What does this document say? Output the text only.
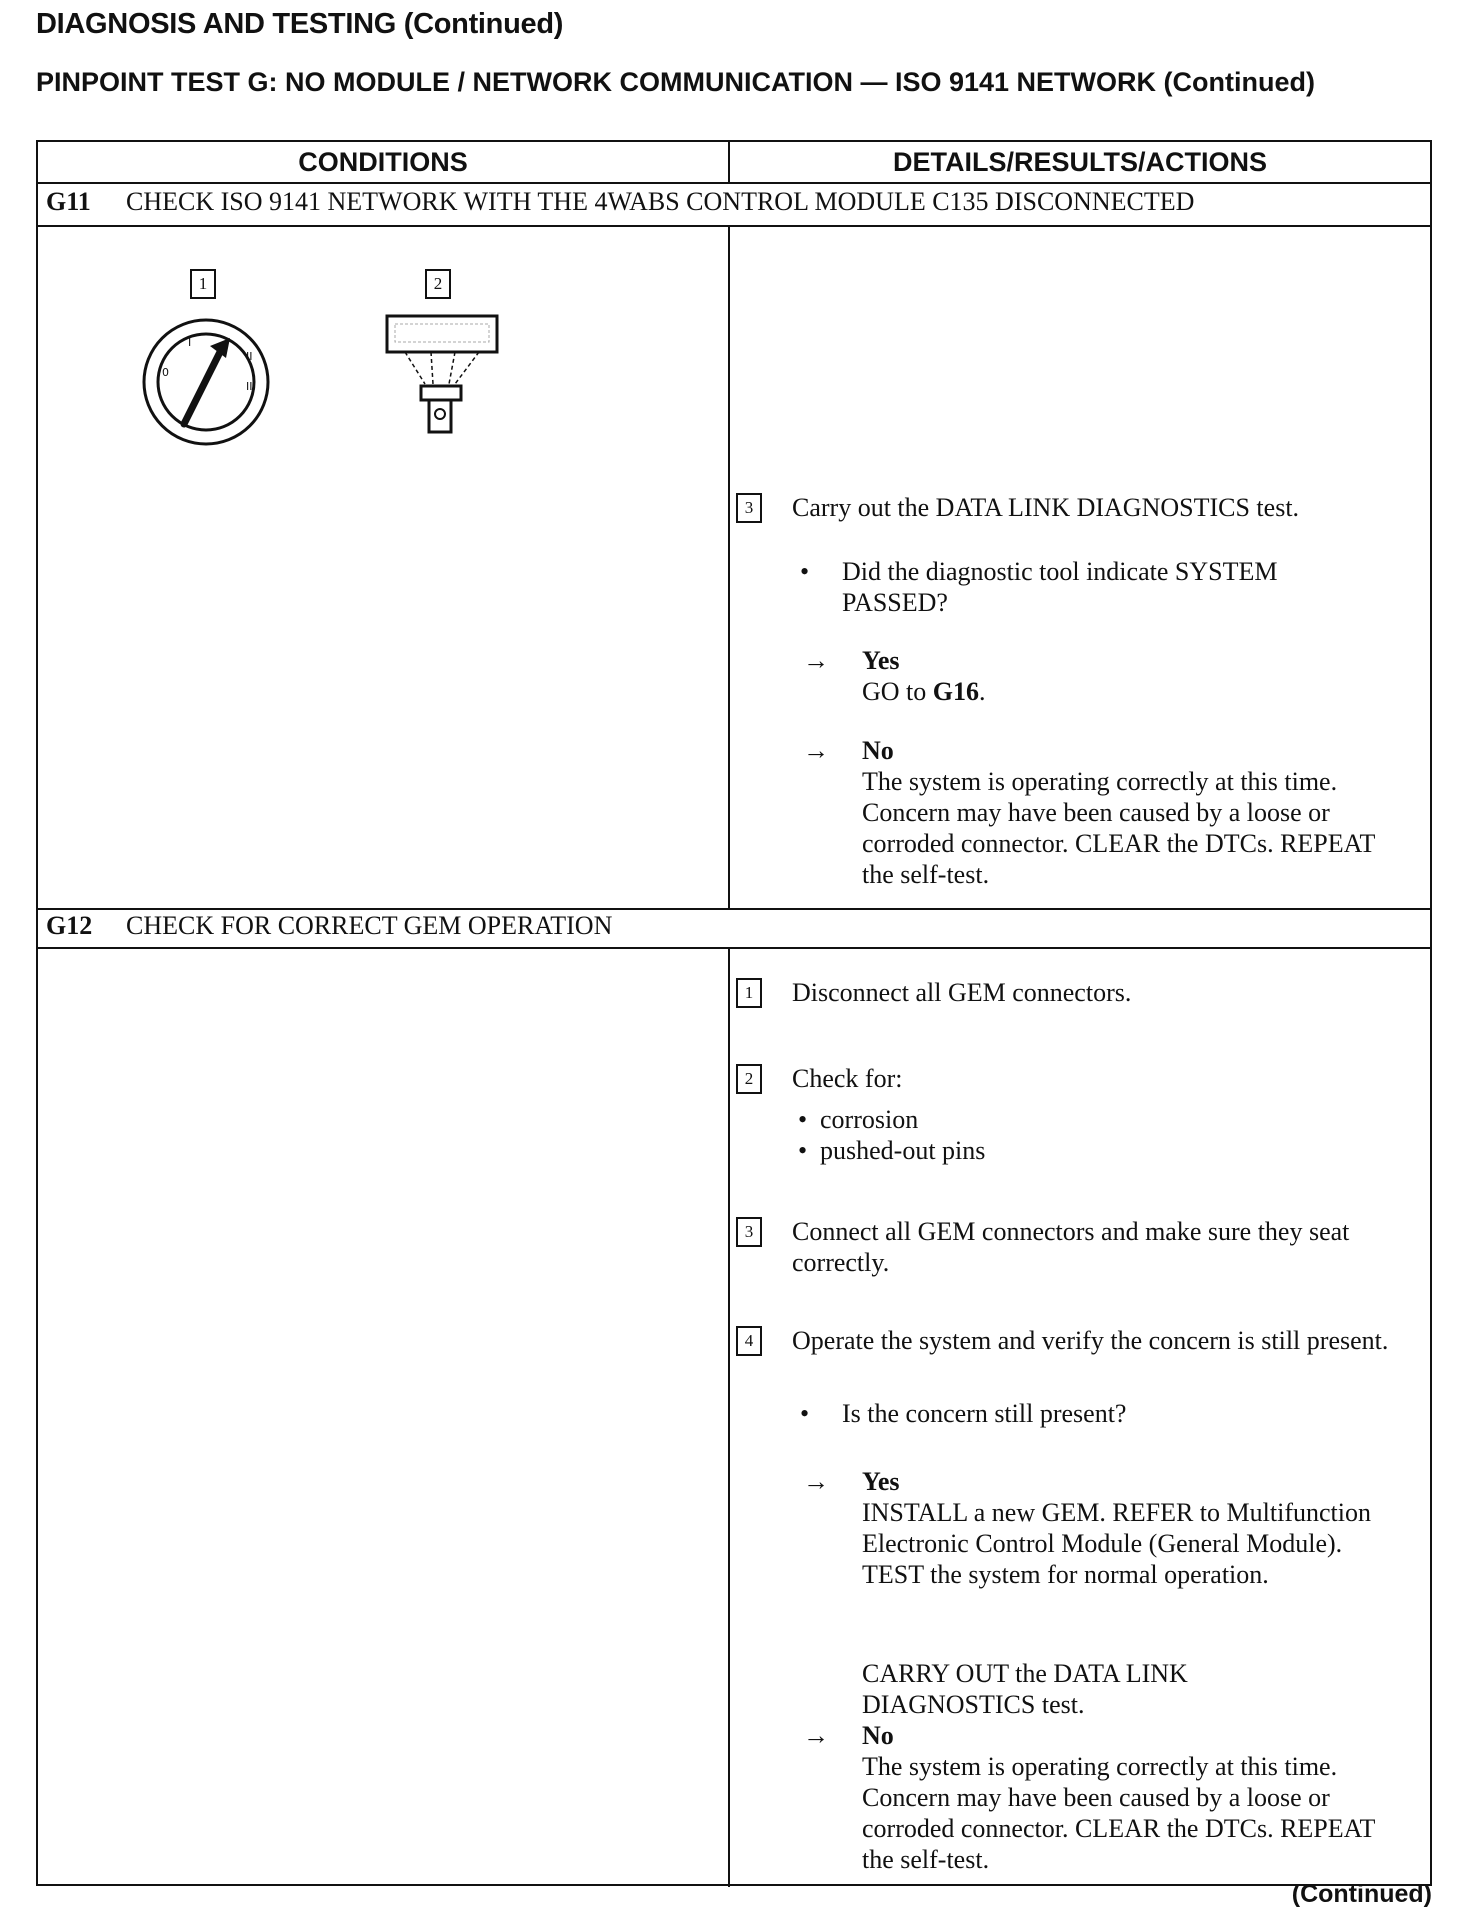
DIAGNOSIS AND TESTING (Continued)
PINPOINT TEST G: NO MODULE / NETWORK COMMUNICATION — ISO 9141 NETWORK (Continued)
CONDITIONS	DETAILS/RESULTS/ACTIONS
G11 CHECK ISO 9141 NETWORK WITH THE 4WABS CONTROL MODULE C135 DISCONNECTED
1
0
I
II
III
2
3	Carry out the DATA LINK DIAGNOSTICS test.
• Did the diagnostic tool indicate SYSTEM PASSED?
→ Yes
GO to G16.
→ No
The system is operating correctly at this time. Concern may have been caused by a loose or corroded connector. CLEAR the DTCs. REPEAT the self-test.
G12 CHECK FOR CORRECT GEM OPERATION
1	Disconnect all GEM connectors.
2	Check for:
• corrosion
• pushed-out pins
3	Connect all GEM connectors and make sure they seat correctly.
4	Operate the system and verify the concern is still present.
• Is the concern still present?
→ Yes
INSTALL a new GEM. REFER to Multifunction Electronic Control Module (General Module). TEST the system for normal operation.
CARRY OUT the DATA LINK DIAGNOSTICS test.
→ No
The system is operating correctly at this time. Concern may have been caused by a loose or corroded connector. CLEAR the DTCs. REPEAT the self-test.
(Continued)
